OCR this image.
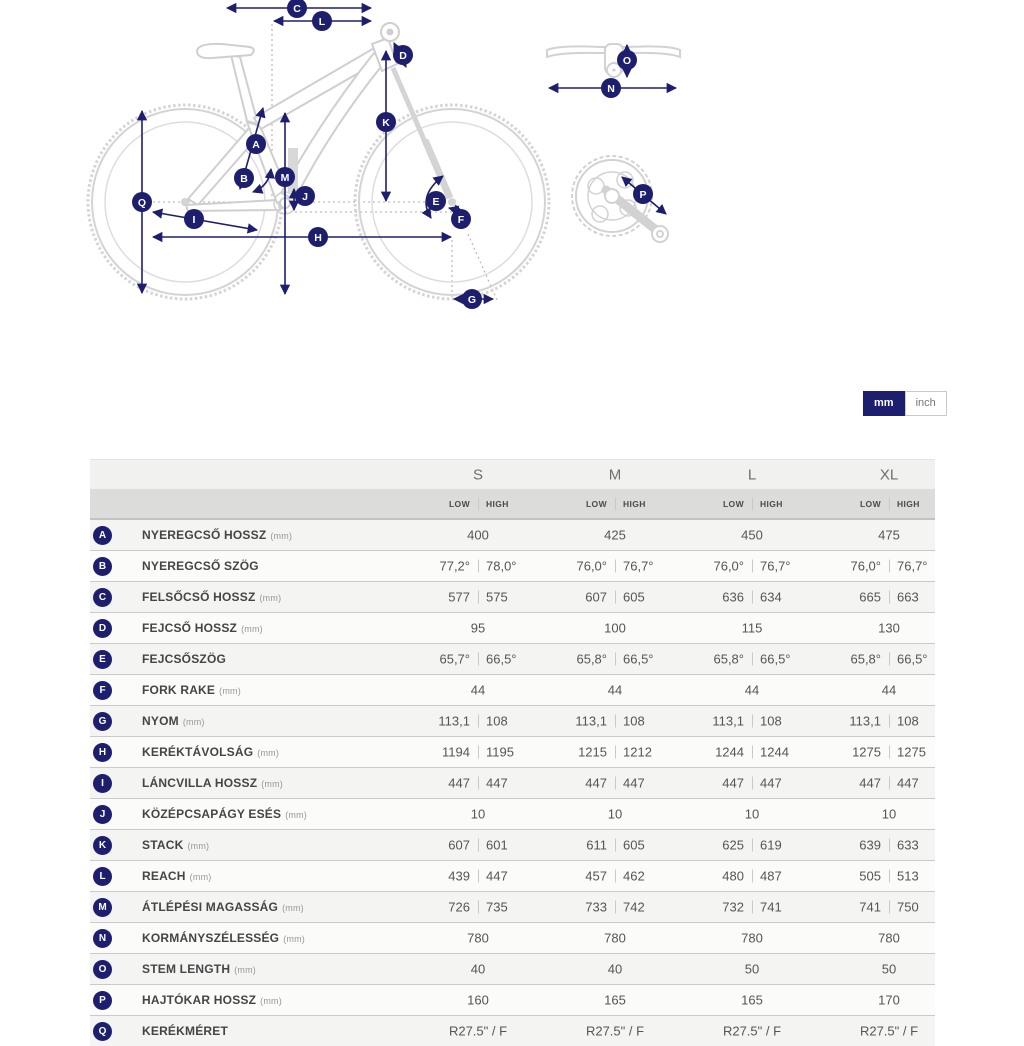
C
L
D
K
A
B	M
J
Q
I
H
E
F
G
N
O
P
mm	inch
S	M	L	XL
LOW HIGH	LOW HIGH	LOW HIGH	LOW HIGH
A	NYEREGCSŐ HOSSZ (mm)	400	425	450	475
B	NYEREGCSŐ SZÖG	77,2° 78,0°	76,0° 76,7°	76,0° 76,7°	76,0° 76,7°
C	FELSŐCSŐ HOSSZ (mm)	577 575	607 605	636 634	665 663
D	FEJCSŐ HOSSZ (mm)	95	100	115	130
E	FEJCSŐSZÖG	65,7° 66,5°	65,8° 66,5°	65,8° 66,5°	65,8° 66,5°
F	FORK RAKE (mm)	44	44	44	44
G	NYOM (mm)	113,1 108	113,1 108	113,1 108	113,1 108
H	KERÉKTÁVOLSÁG (mm)	1194 1195	1215 1212	1244 1244	1275 1275
I	LÁNCVILLA HOSSZ (mm)	447 447	447 447	447 447	447 447
J	KÖZÉPCSAPÁGY ESÉS (mm)	10	10	10	10
K	STACK (mm)	607 601	611 605	625 619	639 633
L	REACH (mm)	439 447	457 462	480 487	505 513
M	ÁTLÉPÉSI MAGASSÁG (mm)	726 735	733 742	732 741	741 750
N	KORMÁNYSZÉLESSÉG (mm)	780	780	780	780
O	STEM LENGTH (mm)	40	40	50	50
P	HAJTÓKAR HOSSZ (mm)	160	165	165	170
Q	KERÉKMÉRET	R27.5" / F	R27.5" / F	R27.5" / F	R27.5" / F
